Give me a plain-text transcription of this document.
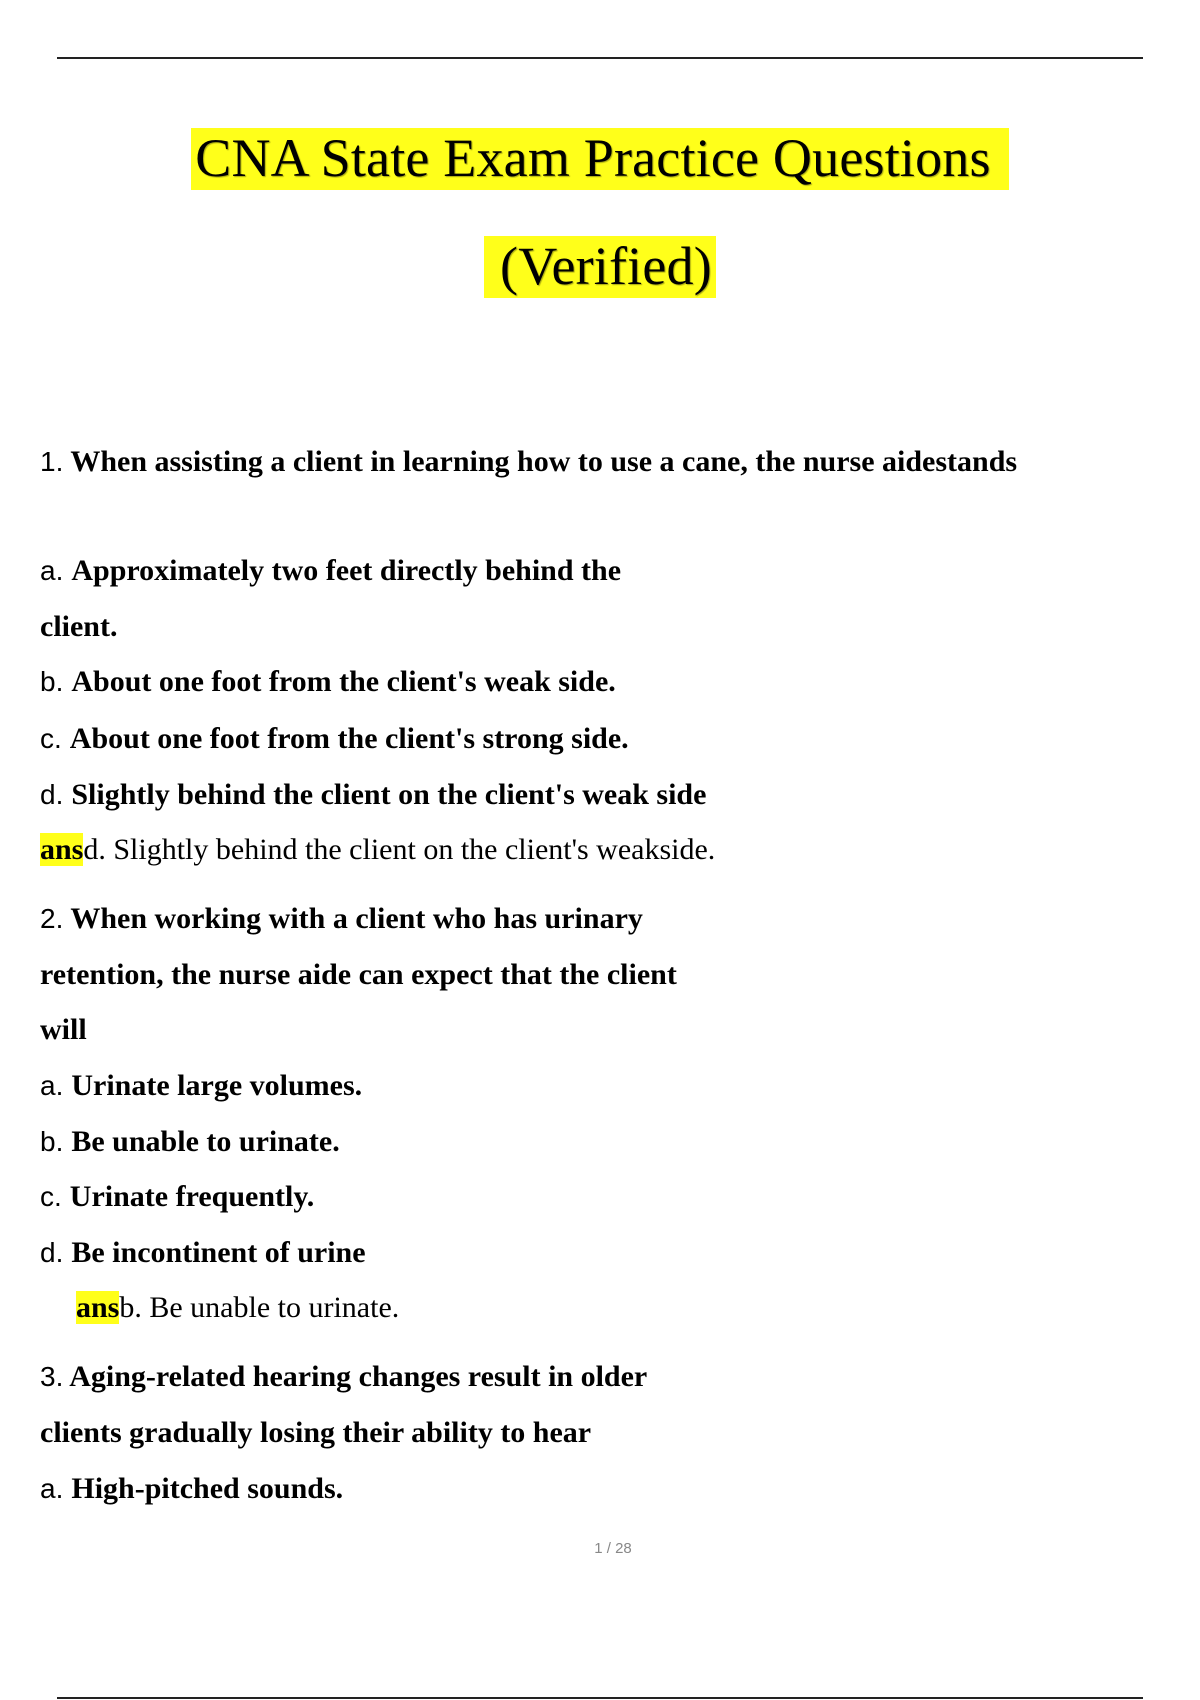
CNA State Exam Practice Questions
(Verified)
1. When assisting a client in learning how to use a cane, the nurse aidestands
a. Approximately two feet directly behind the
client.
b. About one foot from the client's weak side.
c. About one foot from the client's strong side.
d. Slightly behind the client on the client's weak side
ansd. Slightly behind the client on the client's weakside.
2. When working with a client who has urinary
retention, the nurse aide can expect that the client
will
a. Urinate large volumes.
b. Be unable to urinate.
c. Urinate frequently.
d. Be incontinent of urine
ansb. Be unable to urinate.
3. Aging-related hearing changes result in older
clients gradually losing their ability to hear
a. High-pitched sounds.
1 / 28
